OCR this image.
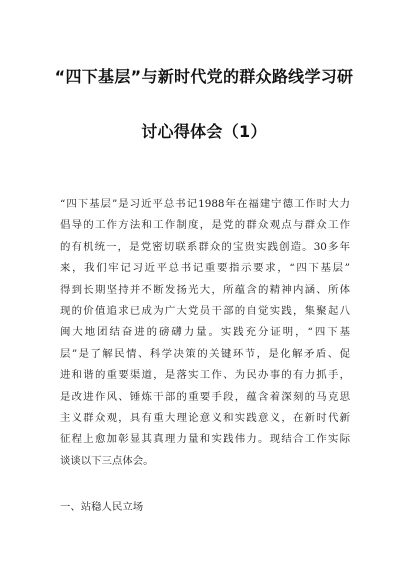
“四下基层”与新时代党的群众路线学习研
讨心得体会（1）
“四下基层”是习近平总书记1988年在福建宁德工作时大力
倡导的工作方法和工作制度，是党的群众观点与群众工作
的有机统一，是党密切联系群众的宝贵实践创造。30多年
来，我们牢记习近平总书记重要指示要求，“四下基层”
得到长期坚持并不断发扬光大，所蕴含的精神内涵、所体
现的价值追求已成为广大党员干部的自觉实践，集聚起八
闽大地团结奋进的磅礴力量。实践充分证明，“四下基
层”是了解民情、科学决策的关键环节，是化解矛盾、促
进和谐的重要渠道，是落实工作、为民办事的有力抓手，
是改进作风、锤炼干部的重要手段，蕴含着深刻的马克思
主义群众观，具有重大理论意义和实践意义，在新时代新
征程上愈加彰显其真理力量和实践伟力。现结合工作实际
谈谈以下三点体会。
一、站稳人民立场
